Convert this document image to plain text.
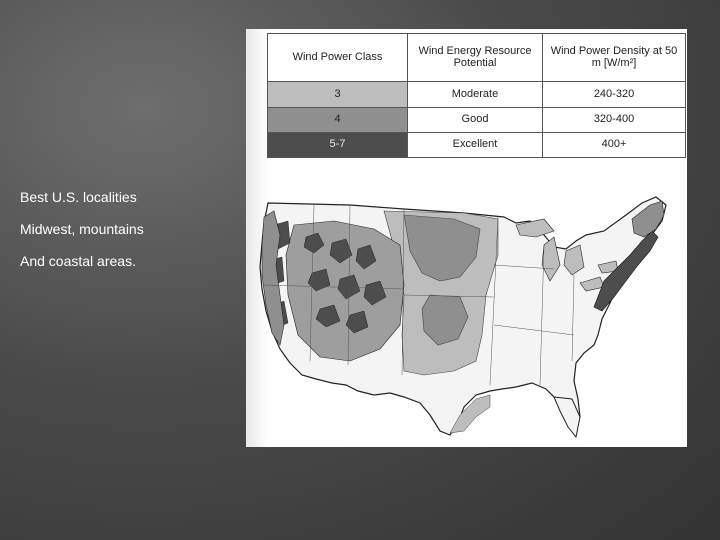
Best U.S. localities
Midwest, mountains
And coastal areas.
Wind Power Class	Wind Energy Resource Potential	Wind Power Density at 50 m [W/m²]
3	Moderate	240-320
4	Good	320-400
5-7	Excellent	400+
